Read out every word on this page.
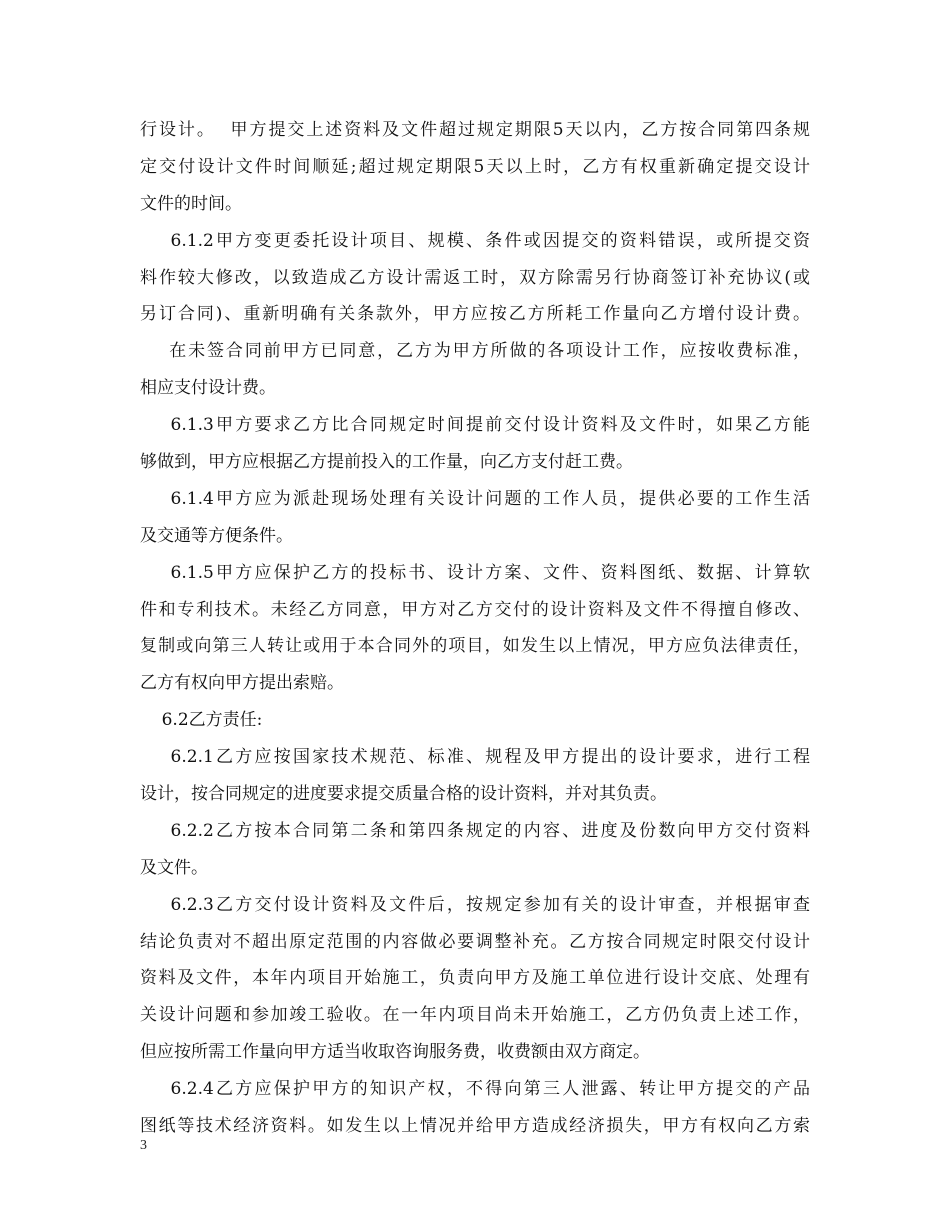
行设计。  甲方提交上述资料及文件超过规定期限5天以内，乙方按合同第四条规
定交付设计文件时间顺延;超过规定期限5天以上时，乙方有权重新确定提交设计
文件的时间。
6.1.2甲方变更委托设计项目、规模、条件或因提交的资料错误，或所提交资
料作较大修改，以致造成乙方设计需返工时，双方除需另行协商签订补充协议(或
另订合同)、重新明确有关条款外，甲方应按乙方所耗工作量向乙方增付设计费。
在未签合同前甲方已同意，乙方为甲方所做的各项设计工作，应按收费标准，
相应支付设计费。
6.1.3甲方要求乙方比合同规定时间提前交付设计资料及文件时，如果乙方能
够做到，甲方应根据乙方提前投入的工作量，向乙方支付赶工费。
6.1.4甲方应为派赴现场处理有关设计问题的工作人员，提供必要的工作生活
及交通等方便条件。
6.1.5甲方应保护乙方的投标书、设计方案、文件、资料图纸、数据、计算软
件和专利技术。未经乙方同意，甲方对乙方交付的设计资料及文件不得擅自修改、
复制或向第三人转让或用于本合同外的项目，如发生以上情况，甲方应负法律责任，
乙方有权向甲方提出索赔。
6.2乙方责任:
6.2.1乙方应按国家技术规范、标准、规程及甲方提出的设计要求，进行工程
设计，按合同规定的进度要求提交质量合格的设计资料，并对其负责。
6.2.2乙方按本合同第二条和第四条规定的内容、进度及份数向甲方交付资料
及文件。
6.2.3乙方交付设计资料及文件后，按规定参加有关的设计审查，并根据审查
结论负责对不超出原定范围的内容做必要调整补充。乙方按合同规定时限交付设计
资料及文件，本年内项目开始施工，负责向甲方及施工单位进行设计交底、处理有
关设计问题和参加竣工验收。在一年内项目尚未开始施工，乙方仍负责上述工作，
但应按所需工作量向甲方适当收取咨询服务费，收费额由双方商定。
6.2.4乙方应保护甲方的知识产权，不得向第三人泄露、转让甲方提交的产品
图纸等技术经济资料。如发生以上情况并给甲方造成经济损失，甲方有权向乙方索
3
